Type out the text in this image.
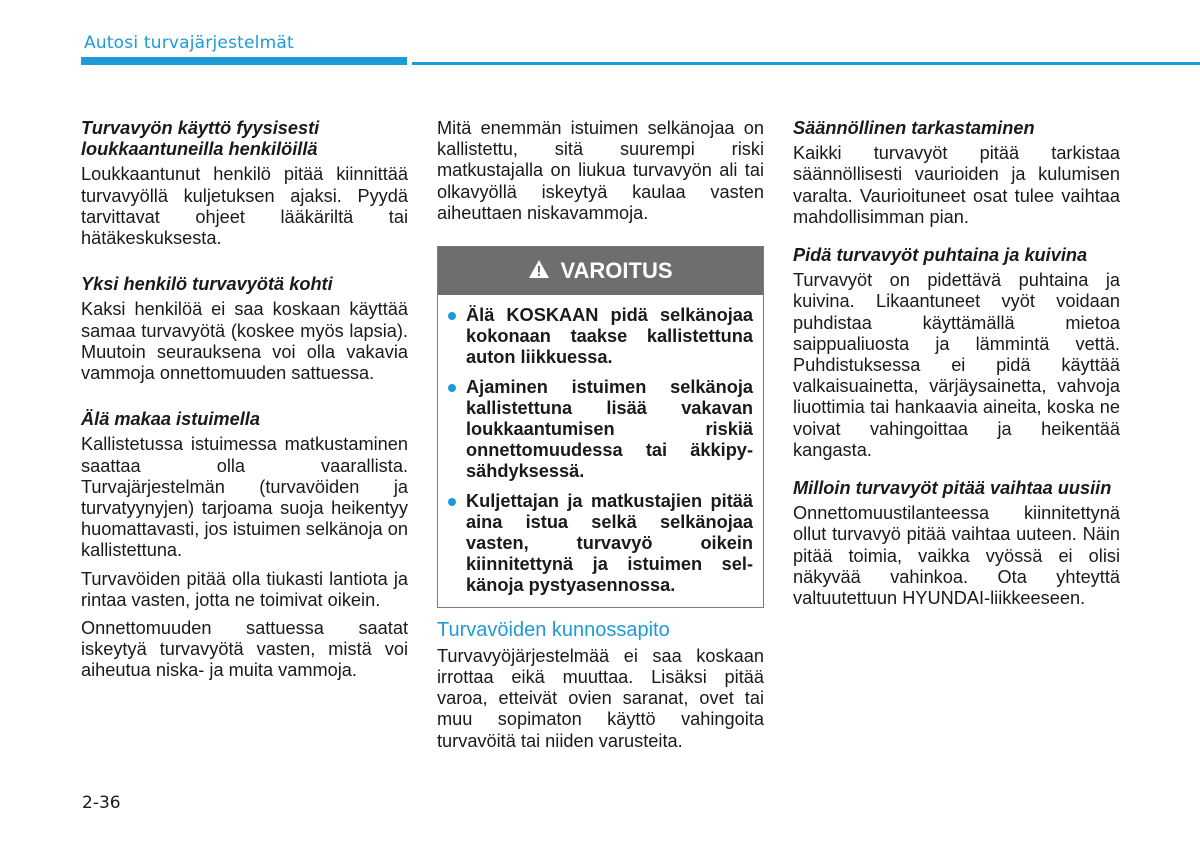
Autosi turvajärjestelmät
Turvavyön käyttö fyysisesti loukkaantuneilla henkilöillä
Loukkaantunut henkilö pitää kiinnittää turvavyöllä kuljetuksen ajaksi. Pyydä tarvittavat ohjeet lääkäriltä tai hätäkeskuksesta.
Yksi henkilö turvavyötä kohti
Kaksi henkilöä ei saa koskaan käyttää samaa turvavyötä (koskee myös lapsia). Muutoin seurauksena voi olla vakavia vammoja onnettomuuden sattuessa.
Älä makaa istuimella
Kallistetussa istuimessa matkustaminen saattaa olla vaarallista. Turvajärjestelmän (turvavöiden ja turvatyynyjen) tarjoama suoja heikentyy huomattavasti, jos istuimen selkänoja on kallistettuna.
Turvavöiden pitää olla tiukasti lantiota ja rintaa vasten, jotta ne toimivat oikein.
Onnettomuuden sattuessa saatat iskeytyä turvavyötä vasten, mistä voi aiheutua niska- ja muita vammoja.
Mitä enemmän istuimen selkänojaa on kallistettu, sitä suurempi riski matkustajalla on liukua turvavyön ali tai olkavyöllä iskeytyä kaulaa vasten aiheuttaen niskavammoja.
VAROITUS
Älä KOSKAAN pidä selkänojaa kokonaan taakse kallistettuna auton liikkuessa.
Ajaminen istuimen selkänoja kallistettuna lisää vakavan loukkaantumisen riskiä onnettomuudessa tai äkkipysähdyksessä.
Kuljettajan ja matkustajien pitää aina istua selkä selkänojaa vasten, turvavyö oikein kiinnitettynä ja istuimen selkänoja pystyasennossa.
Turvavöiden kunnossapito
Turvavyöjärjestelmää ei saa koskaan irrottaa eikä muuttaa. Lisäksi pitää varoa, etteivät ovien saranat, ovet tai muu sopimaton käyttö vahingoita turvavöitä tai niiden varusteita.
Säännöllinen tarkastaminen
Kaikki turvavyöt pitää tarkistaa säännöllisesti vaurioiden ja kulumisen varalta. Vaurioituneet osat tulee vaihtaa mahdollisimman pian.
Pidä turvavyöt puhtaina ja kuivina
Turvavyöt on pidettävä puhtaina ja kuivina. Likaantuneet vyöt voidaan puhdistaa käyttämällä mietoa saippualiuosta ja lämmintä vettä. Puhdistuksessa ei pidä käyttää valkaisuainetta, värjäysainetta, vahvoja liuottimia tai hankaavia aineita, koska ne voivat vahingoittaa ja heikentää kangasta.
Milloin turvavyöt pitää vaihtaa uusiin
Onnettomuustilanteessa kiinnitettynä ollut turvavyö pitää vaihtaa uuteen. Näin pitää toimia, vaikka vyössä ei olisi näkyvää vahinkoa. Ota yhteyttä valtuutettuun HYUNDAI-liikkeeseen.
2-36
